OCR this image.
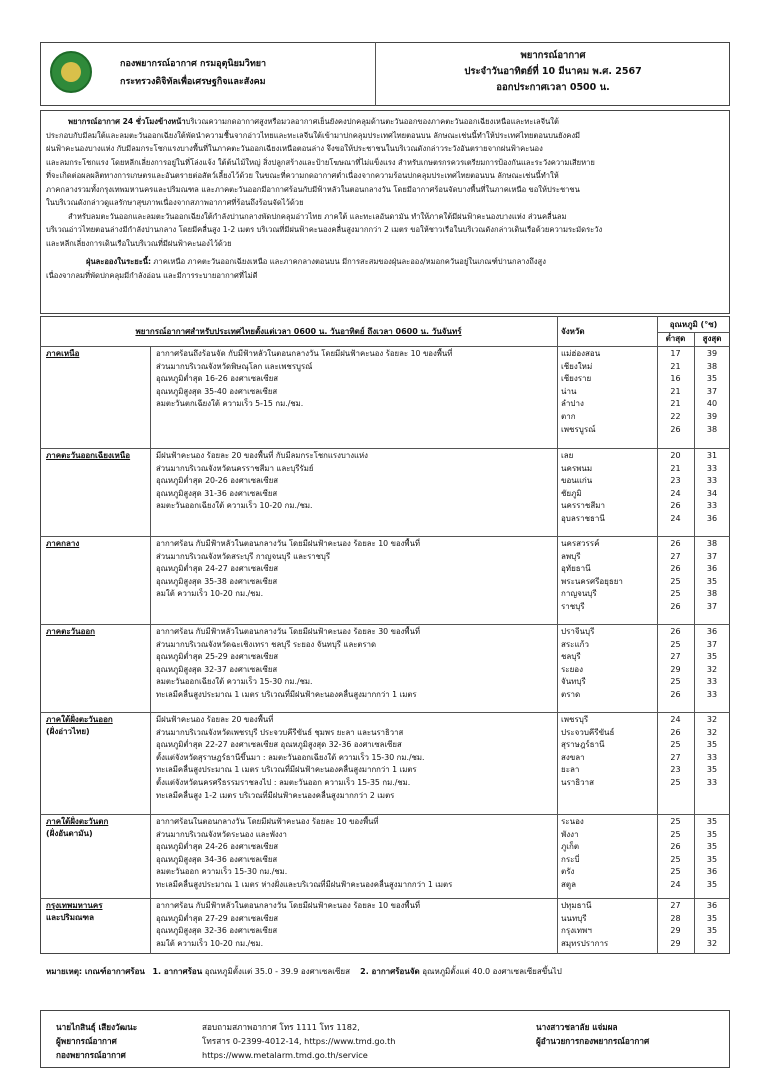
กองพยากรณ์อากาศ กรมอุตุนิยมวิทยา
กระทรวงดิจิทัลเพื่อเศรษฐกิจและสังคม
พยากรณ์อากาศ
ประจำวันอาทิตย์ที่ 10 มีนาคม พ.ศ. 2567
ออกประกาศเวลา 0500 น.
พยากรณ์อากาศ 24 ชั่วโมงข้างหน้าบริเวณความกดอากาศสูงหรือมวลอากาศเย็นยังคงปกคลุมด้านตะวันออกของภาคตะวันออกเฉียงเหนือและทะเลจีนใต้
ประกอบกับมีลมใต้และลมตะวันออกเฉียงใต้พัดนำความชื้นจากอ่าวไทยและทะเลจีนใต้เข้ามาปกคลุมประเทศไทยตอนบน ลักษณะเช่นนี้ทำให้ประเทศไทยตอนบนยังคงมี
ฝนฟ้าคะนองบางแห่ง กับมีลมกระโชกแรงบางพื้นที่ในภาคตะวันออกเฉียงเหนือตอนล่าง จึงขอให้ประชาชนในบริเวณดังกล่าวระวังอันตรายจากฝนฟ้าคะนอง
และลมกระโชกแรง โดยหลีกเลี่ยงการอยู่ในที่โล่งแจ้ง ใต้ต้นไม้ใหญ่ สิ่งปลูกสร้างและป้ายโฆษณาที่ไม่แข็งแรง สำหรับเกษตรกรควรเตรียมการป้องกันและระวังความเสียหาย
ที่จะเกิดต่อผลผลิตทางการเกษตรและอันตรายต่อสัตว์เลี้ยงไว้ด้วย ในขณะที่ความกดอากาศต่ำเนื่องจากความร้อนปกคลุมประเทศไทยตอนบน ลักษณะเช่นนี้ทำให้
ภาคกลางรวมทั้งกรุงเทพมหานครและปริมณฑล และภาคตะวันออกมีอากาศร้อนกับมีฟ้าหลัวในตอนกลางวัน โดยมีอากาศร้อนจัดบางพื้นที่ในภาคเหนือ ขอให้ประชาชน
ในบริเวณดังกล่าวดูแลรักษาสุขภาพเนื่องจากสภาพอากาศที่ร้อนถึงร้อนจัดไว้ด้วย
สำหรับลมตะวันออกและลมตะวันออกเฉียงใต้กำลังปานกลางพัดปกคลุมอ่าวไทย ภาคใต้ และทะเลอันดามัน ทำให้ภาคใต้มีฝนฟ้าคะนองบางแห่ง ส่วนคลื่นลม
บริเวณอ่าวไทยตอนล่างมีกำลังปานกลาง โดยมีคลื่นสูง 1-2 เมตร บริเวณที่มีฝนฟ้าคะนองคลื่นสูงมากกว่า 2 เมตร ขอให้ชาวเรือในบริเวณดังกล่าวเดินเรือด้วยความระมัดระวัง
และหลีกเลี่ยงการเดินเรือในบริเวณที่มีฝนฟ้าคะนองไว้ด้วย
ฝุ่นละอองในระยะนี้: ภาคเหนือ ภาคตะวันออกเฉียงเหนือ และภาคกลางตอนบน มีการสะสมของฝุ่นละออง/หมอกควันอยู่ในเกณฑ์ปานกลางถึงสูง
เนื่องจากลมที่พัดปกคลุมมีกำลังอ่อน และมีการระบายอากาศที่ไม่ดี
พยากรณ์อากาศสำหรับประเทศไทยตั้งแต่เวลา 0600 น. วันอาทิตย์ ถึงเวลา 0600 น. วันจันทร์	จังหวัด
อุณหภูมิ (°ซ)
ต่ำสุด	สูงสุด
ภาคเหนือ	อากาศร้อนถึงร้อนจัด กับมีฟ้าหลัวในตอนกลางวัน โดยมีฝนฟ้าคะนอง ร้อยละ 10 ของพื้นที่
ส่วนมากบริเวณจังหวัดพิษณุโลก และเพชรบูรณ์
อุณหภูมิต่ำสุด 16-26 องศาเซลเซียส
อุณหภูมิสูงสุด 35-40 องศาเซลเซียส
ลมตะวันตกเฉียงใต้ ความเร็ว 5-15 กม./ชม.
แม่ฮ่องสอน	17	39
เชียงใหม่	21	38
เชียงราย	16	35
น่าน	21	37
ลำปาง	21	40
ตาก	22	39
เพชรบูรณ์	26	38
ภาคตะวันออกเฉียงเหนือ	มีฝนฟ้าคะนอง ร้อยละ 20 ของพื้นที่ กับมีลมกระโชกแรงบางแห่ง
ส่วนมากบริเวณจังหวัดนครราชสีมา และบุรีรัมย์
อุณหภูมิต่ำสุด 20-26 องศาเซลเซียส
อุณหภูมิสูงสุด 31-36 องศาเซลเซียส
ลมตะวันออกเฉียงใต้ ความเร็ว 10-20 กม./ชม.
เลย	20	31
นครพนม	21	33
ขอนแก่น	23	33
ชัยภูมิ	24	34
นครราชสีมา	26	33
อุบลราชธานี	24	36
ภาคกลาง	อากาศร้อน กับมีฟ้าหลัวในตอนกลางวัน โดยมีฝนฟ้าคะนอง ร้อยละ 10 ของพื้นที่
ส่วนมากบริเวณจังหวัดสระบุรี กาญจนบุรี และราชบุรี
อุณหภูมิต่ำสุด 24-27 องศาเซลเซียส
อุณหภูมิสูงสุด 35-38 องศาเซลเซียส
ลมใต้ ความเร็ว 10-20 กม./ชม.
นครสวรรค์	26	38
ลพบุรี	27	37
อุทัยธานี	26	36
พระนครศรีอยุธยา	25	35
กาญจนบุรี	25	38
ราชบุรี	26	37
ภาคตะวันออก	อากาศร้อน กับมีฟ้าหลัวในตอนกลางวัน โดยมีฝนฟ้าคะนอง ร้อยละ 30 ของพื้นที่
ส่วนมากบริเวณจังหวัดฉะเชิงเทรา ชลบุรี ระยอง จันทบุรี และตราด
อุณหภูมิต่ำสุด 25-29 องศาเซลเซียส
อุณหภูมิสูงสุด 32-37 องศาเซลเซียส
ลมตะวันออกเฉียงใต้ ความเร็ว 15-30 กม./ชม.
ทะเลมีคลื่นสูงประมาณ 1 เมตร บริเวณที่มีฝนฟ้าคะนองคลื่นสูงมากกว่า 1 เมตร
ปราจีนบุรี	26	36
สระแก้ว	25	37
ชลบุรี	27	35
ระยอง	29	32
จันทบุรี	25	33
ตราด	26	33
ภาคใต้ฝั่งตะวันออก
(ฝั่งอ่าวไทย)
มีฝนฟ้าคะนอง ร้อยละ 20 ของพื้นที่
ส่วนมากบริเวณจังหวัดเพชรบุรี ประจวบคีรีขันธ์ ชุมพร ยะลา และนราธิวาส
อุณหภูมิต่ำสุด 22-27 องศาเซลเซียส อุณหภูมิสูงสุด 32-36 องศาเซลเซียส
ตั้งแต่จังหวัดสุราษฎร์ธานีขึ้นมา : ลมตะวันออกเฉียงใต้ ความเร็ว 15-30 กม./ชม.
ทะเลมีคลื่นสูงประมาณ 1 เมตร บริเวณที่มีฝนฟ้าคะนองคลื่นสูงมากกว่า 1 เมตร
ตั้งแต่จังหวัดนครศรีธรรมราชลงไป : ลมตะวันออก ความเร็ว 15-35 กม./ชม.
ทะเลมีคลื่นสูง 1-2 เมตร บริเวณที่มีฝนฟ้าคะนองคลื่นสูงมากกว่า 2 เมตร
เพชรบุรี	24	32
ประจวบคีรีขันธ์	26	32
สุราษฎร์ธานี	25	35
สงขลา	27	33
ยะลา	23	35
นราธิวาส	25	33
ภาคใต้ฝั่งตะวันตก
(ฝั่งอันดามัน)
อากาศร้อนในตอนกลางวัน โดยมีฝนฟ้าคะนอง ร้อยละ 10 ของพื้นที่
ส่วนมากบริเวณจังหวัดระนอง และพังงา
อุณหภูมิต่ำสุด 24-26 องศาเซลเซียส
อุณหภูมิสูงสุด 34-36 องศาเซลเซียส
ลมตะวันออก ความเร็ว 15-30 กม./ชม.
ทะเลมีคลื่นสูงประมาณ 1 เมตร ห่างฝั่งและบริเวณที่มีฝนฟ้าคะนองคลื่นสูงมากกว่า 1 เมตร
ระนอง	25	35
พังงา	25	35
ภูเก็ต	26	35
กระบี่	25	35
ตรัง	25	36
สตูล	24	35
กรุงเทพมหานคร
และปริมณฑล
อากาศร้อน กับมีฟ้าหลัวในตอนกลางวัน โดยมีฝนฟ้าคะนอง ร้อยละ 10 ของพื้นที่
อุณหภูมิต่ำสุด 27-29 องศาเซลเซียส
อุณหภูมิสูงสุด 32-36 องศาเซลเซียส
ลมใต้ ความเร็ว 10-20 กม./ชม.
ปทุมธานี	27	36
นนทบุรี	28	35
กรุงเทพฯ	29	35
สมุทรปราการ	29	32
หมายเหตุ: เกณฑ์อากาศร้อน 1. อากาศร้อน อุณหภูมิตั้งแต่ 35.0 - 39.9 องศาเซลเซียส 2. อากาศร้อนจัด อุณหภูมิตั้งแต่ 40.0 องศาเซลเซียสขึ้นไป
นายไกสินธุ์ เสียงวัฒนะ
ผู้พยากรณ์อากาศ
กองพยากรณ์อากาศ
สอบถามสภาพอากาศ โทร 1111 โทร 1182,
โทรสาร 0-2399-4012-14, https://www.tmd.go.th
https://www.metalarm.tmd.go.th/service
นางสาวชลาลัย แจ่มผล
ผู้อำนวยการกองพยากรณ์อากาศ
